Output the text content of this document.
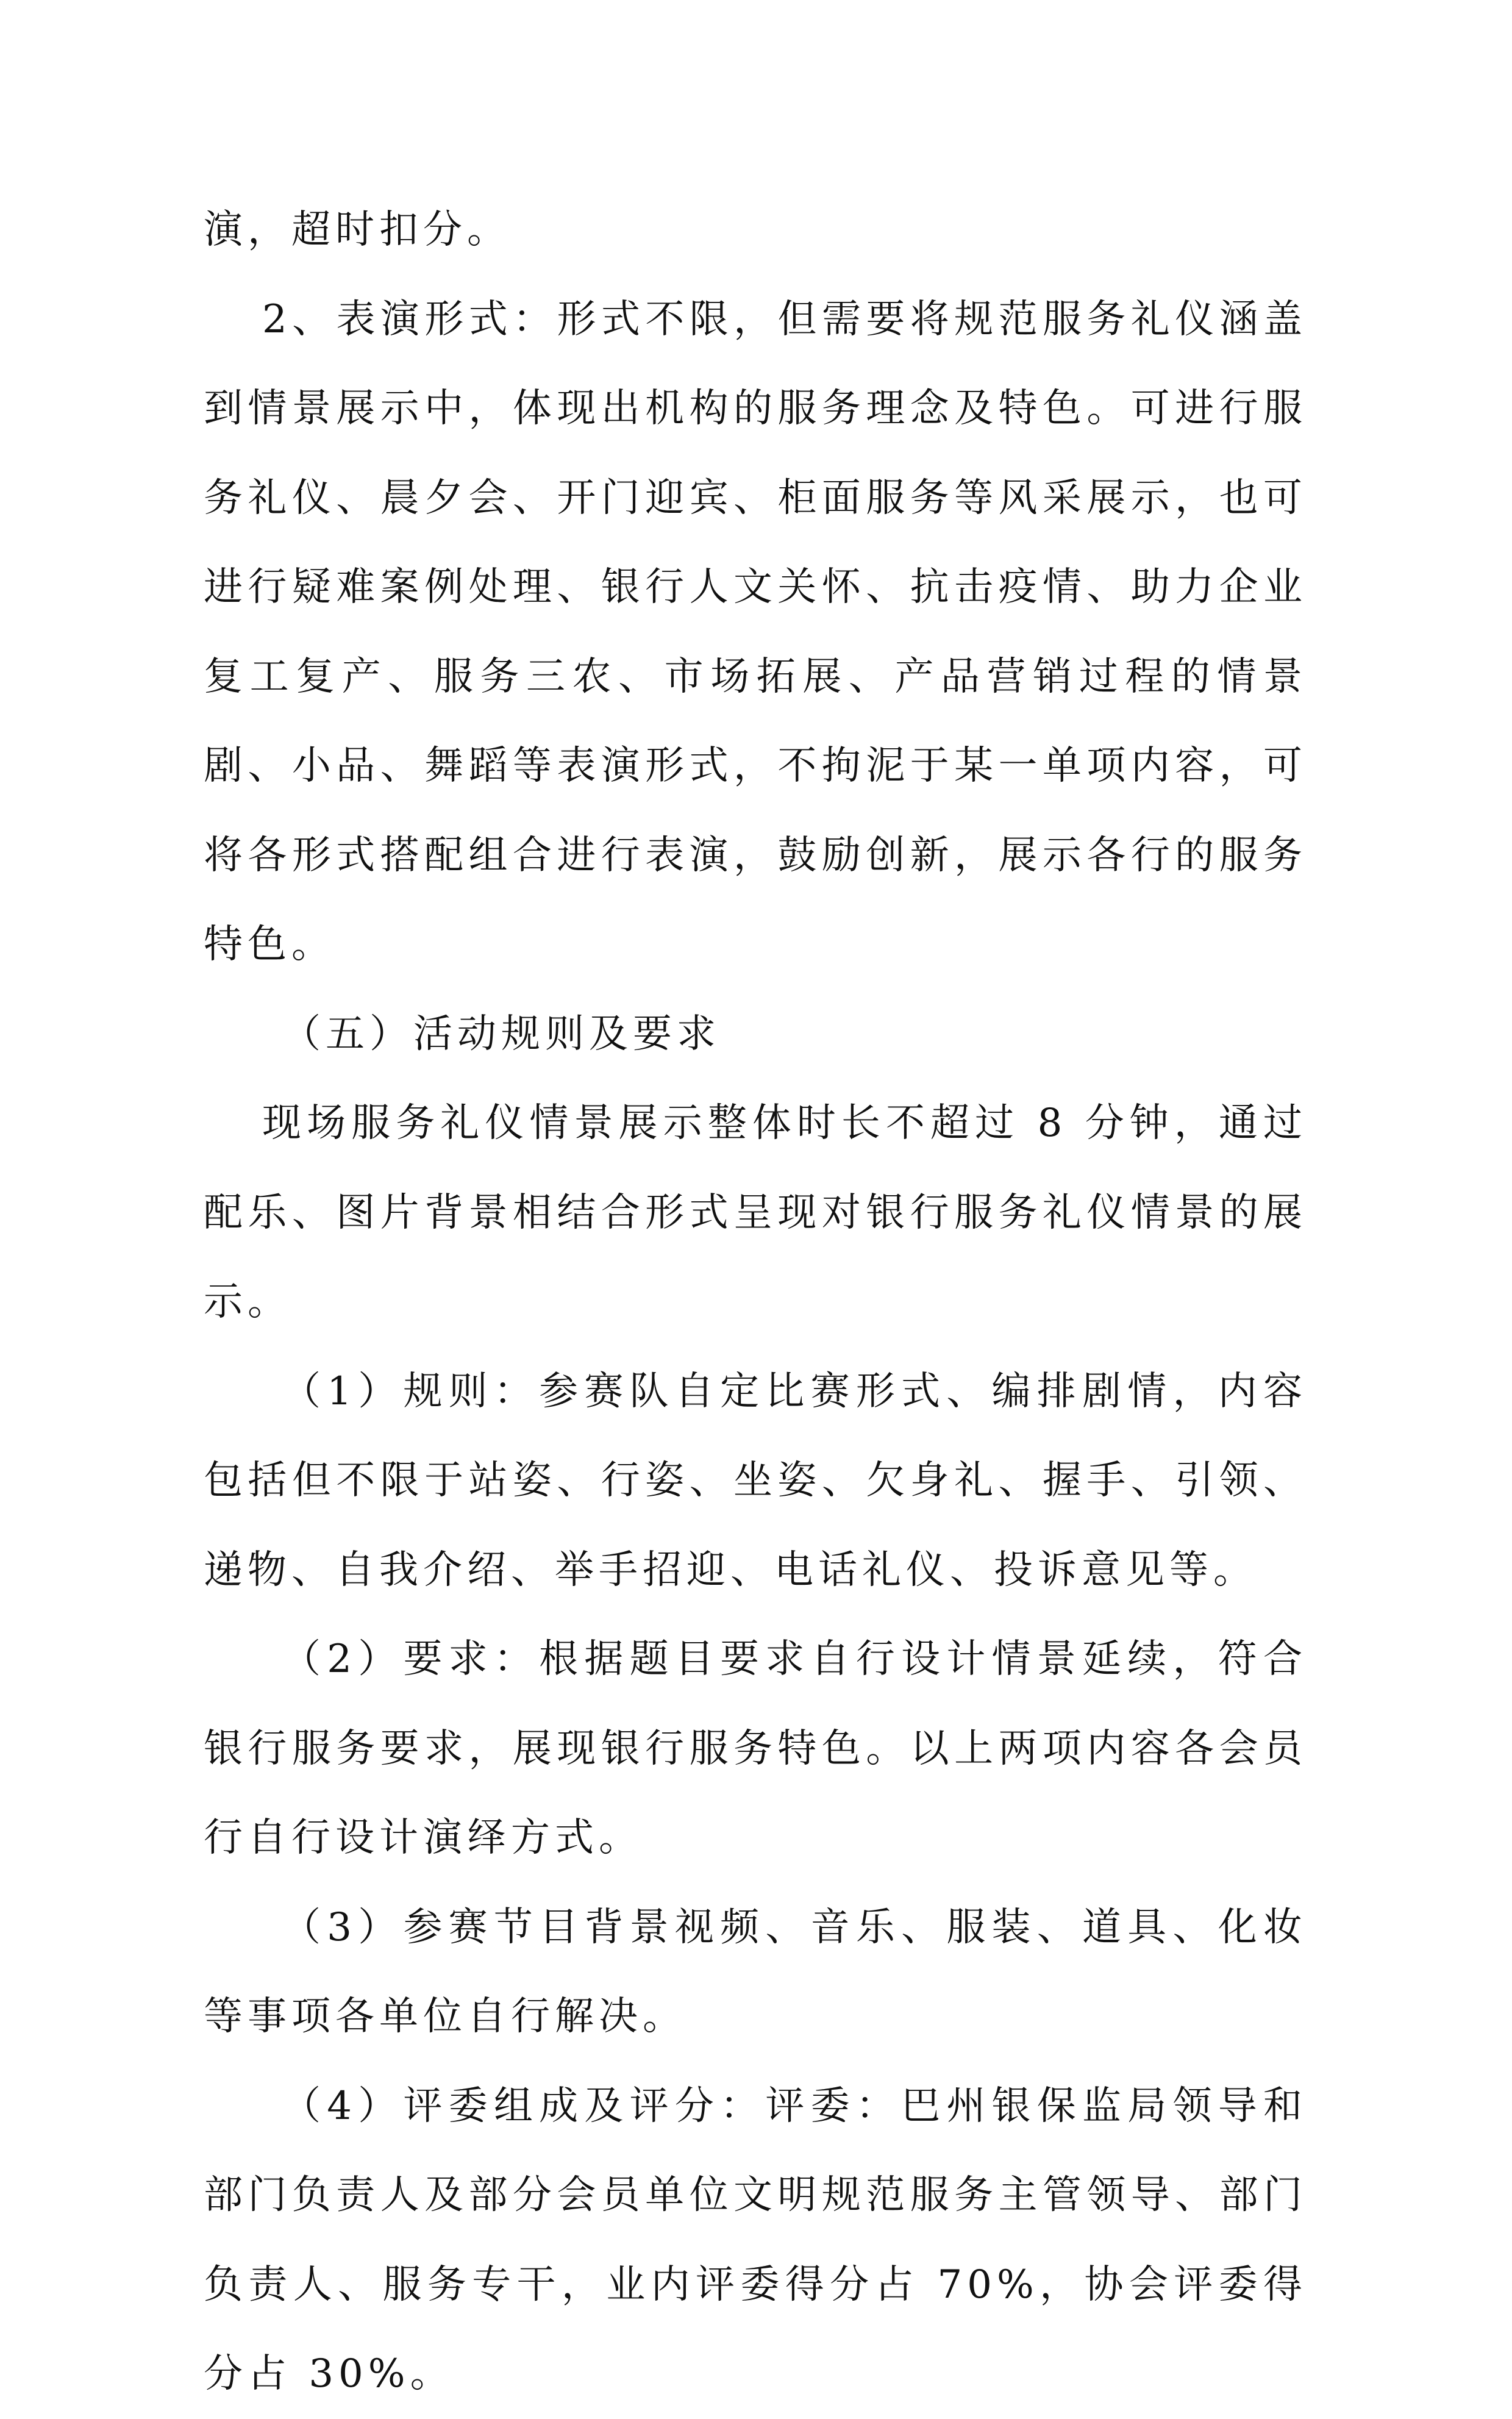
演，超时扣分。

2、表演形式：形式不限，但需要将规范服务礼仪涵盖到情景展示中，体现出机构的服务理念及特色。可进行服务礼仪、晨夕会、开门迎宾、柜面服务等风采展示，也可进行疑难案例处理、银行人文关怀、抗击疫情、助力企业复工复产、服务三农、市场拓展、产品营销过程的情景剧、小品、舞蹈等表演形式，不拘泥于某一单项内容，可将各形式搭配组合进行表演，鼓励创新，展示各行的服务特色。

（五）活动规则及要求

现场服务礼仪情景展示整体时长不超过 8 分钟，通过配乐、图片背景相结合形式呈现对银行服务礼仪情景的展示。

（1）规则：参赛队自定比赛形式、编排剧情，内容包括但不限于站姿、行姿、坐姿、欠身礼、握手、引领、递物、自我介绍、举手招迎、电话礼仪、投诉意见等。

（2）要求：根据题目要求自行设计情景延续，符合银行服务要求，展现银行服务特色。以上两项内容各会员行自行设计演绎方式。

（3）参赛节目背景视频、音乐、服装、道具、化妆等事项各单位自行解决。

（4）评委组成及评分：评委：巴州银保监局领导和部门负责人及部分会员单位文明规范服务主管领导、部门负责人、服务专干，业内评委得分占 70%，协会评委得分占 30%。
